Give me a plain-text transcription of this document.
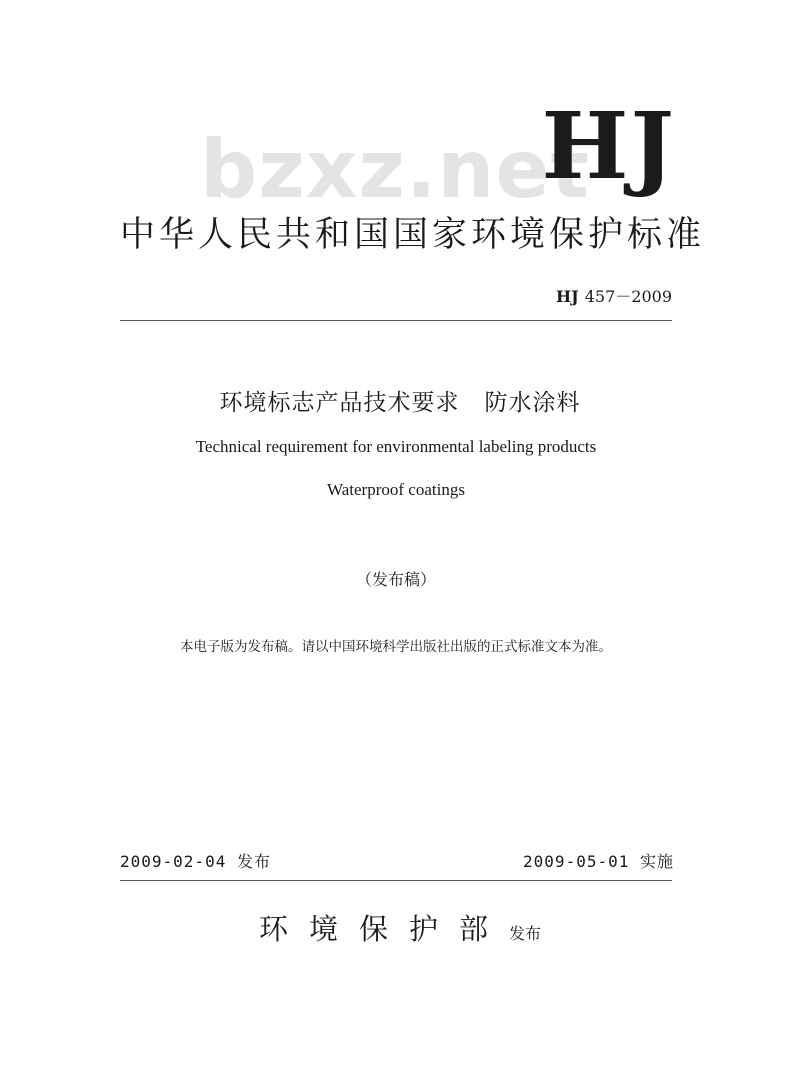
bzxz.net
HJ
中华人民共和国国家环境保护标准
HJ 457－2009
环境标志产品技术要求   防水涂料
Technical requirement for environmental labeling products
Waterproof coatings
（发布稿）
本电子版为发布稿。请以中国环境科学出版社出版的正式标准文本为准。
2009-02-04 发布	2009-05-01 实施
环境保护部发布
